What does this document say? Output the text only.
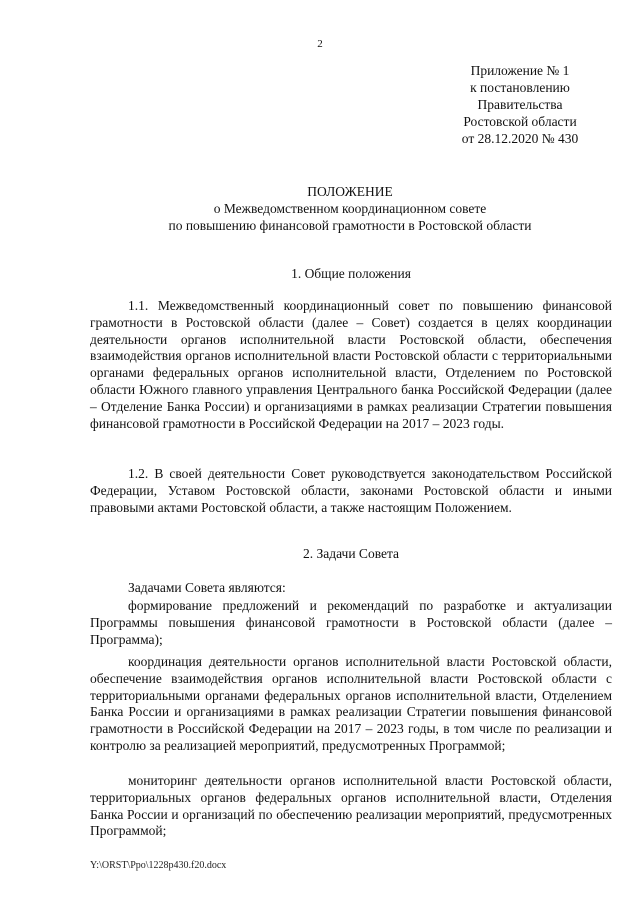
2
Приложение № 1
к постановлению
Правительства
Ростовской области
от 28.12.2020 № 430
ПОЛОЖЕНИЕ
о Межведомственном координационном совете
по повышению финансовой грамотности в Ростовской области
1. Общие положения

1.1. Межведомственный координационный совет по повышению финансовой грамотности в Ростовской области (далее – Совет) создается в целях координации деятельности органов исполнительной власти Ростовской области, обеспечения взаимодействия органов исполнительной власти Ростовской области с территориальными органами федеральных органов исполнительной власти, Отделением по Ростовской области Южного главного управления Центрального банка Российской Федерации (далее – Отделение Банка России) и организациями в рамках реализации Стратегии повышения финансовой грамотности в Российской Федерации на 2017 – 2023 годы.

1.2. В своей деятельности Совет руководствуется законодательством Российской Федерации, Уставом Ростовской области, законами Ростовской области и иными правовыми актами Ростовской области, а также настоящим Положением.

2. Задачи Совета

Задачами Совета являются:

формирование предложений и рекомендаций по разработке и актуализации Программы повышения финансовой грамотности в Ростовской области (далее – Программа);

координация деятельности органов исполнительной власти Ростовской области, обеспечение взаимодействия органов исполнительной власти Ростовской области с территориальными органами федеральных органов исполнительной власти, Отделением Банка России и организациями в рамках реализации Стратегии повышения финансовой грамотности в Российской Федерации на 2017 – 2023 годы, в том числе по реализации и контролю за реализацией мероприятий, предусмотренных Программой;

мониторинг деятельности органов исполнительной власти Ростовской области, территориальных органов федеральных органов исполнительной власти, Отделения Банка России и организаций по обеспечению реализации мероприятий, предусмотренных Программой;

Y:\ORST\Ppo\1228p430.f20.docx
